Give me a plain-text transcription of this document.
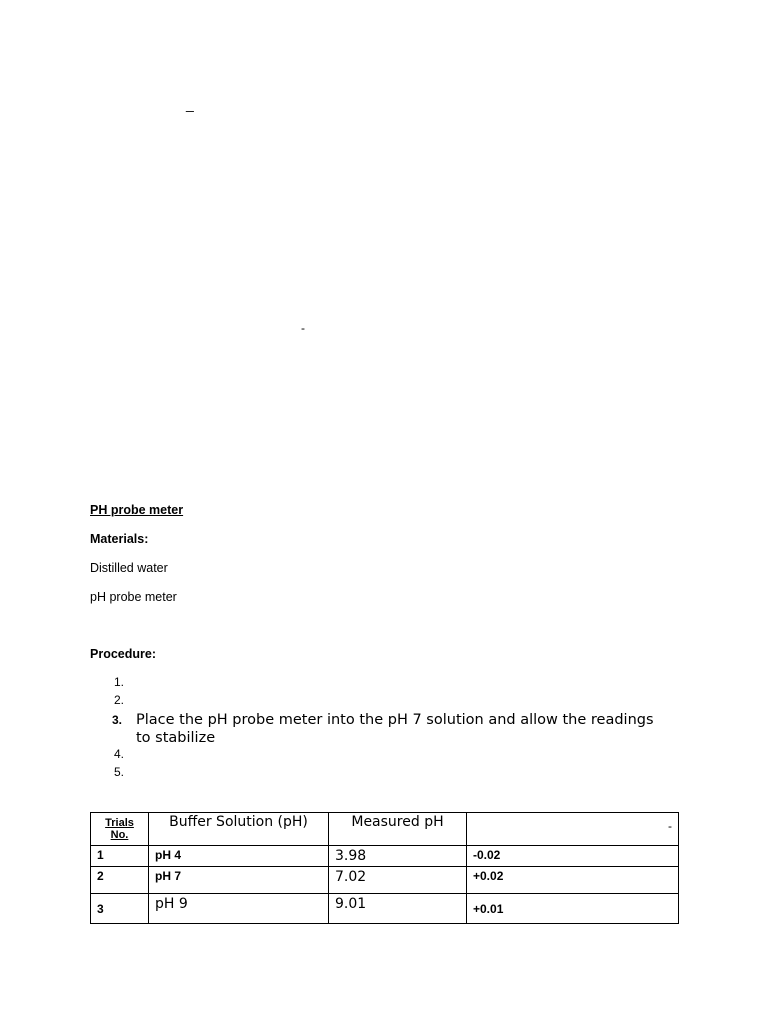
_
-
PH probe meter
Materials:
Distilled water
pH probe meter
Procedure:
1.
2.
3. Place the pH probe meter into the pH 7 solution and allow the readings to stabilize
4.
5.
Trials No.	Buffer Solution (pH)	Measured pH	-
1	pH 4	3.98	-0.02
2	pH 7	7.02	+0.02
3	pH 9	9.01	+0.01
